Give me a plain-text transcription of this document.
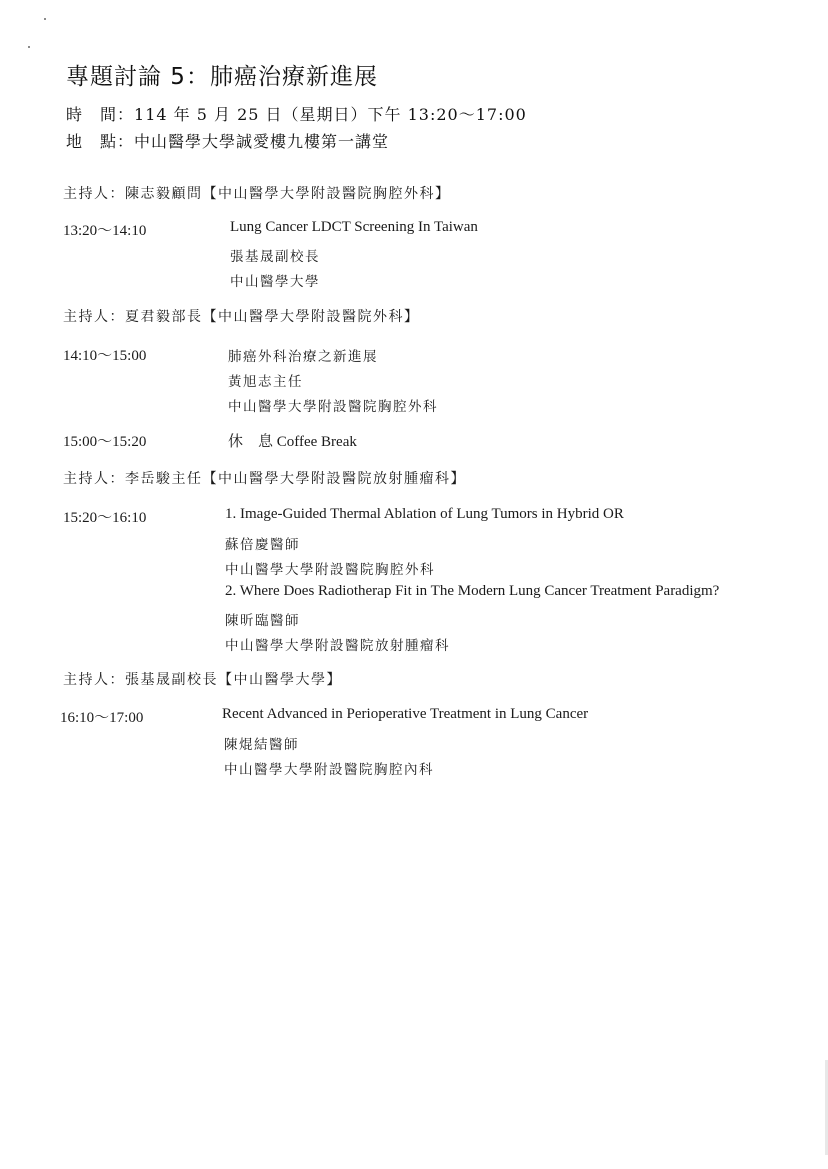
專題討論 5：肺癌治療新進展
時　間：114 年 5 月 25 日（星期日）下午 13:20～17:00
地　點：中山醫學大學誠愛樓九樓第一講堂
主持人：陳志毅顧問【中山醫學大學附設醫院胸腔外科】
13:20～14:10	Lung Cancer LDCT Screening In Taiwan
張基晟副校長
中山醫學大學
主持人：夏君毅部長【中山醫學大學附設醫院外科】
14:10～15:00	肺癌外科治療之新進展
黃旭志主任
中山醫學大學附設醫院胸腔外科
15:00～15:20	休　息 Coffee Break
主持人：李岳駿主任【中山醫學大學附設醫院放射腫瘤科】
15:20～16:10	1. Image-Guided Thermal Ablation of Lung Tumors in Hybrid OR
蘇倍慶醫師
中山醫學大學附設醫院胸腔外科
2. Where Does Radiotherap Fit in The Modern Lung Cancer Treatment Paradigm?
陳昕臨醫師
中山醫學大學附設醫院放射腫瘤科
主持人：張基晟副校長【中山醫學大學】
16:10～17:00	Recent Advanced in Perioperative Treatment in Lung Cancer
陳焜結醫師
中山醫學大學附設醫院胸腔內科
